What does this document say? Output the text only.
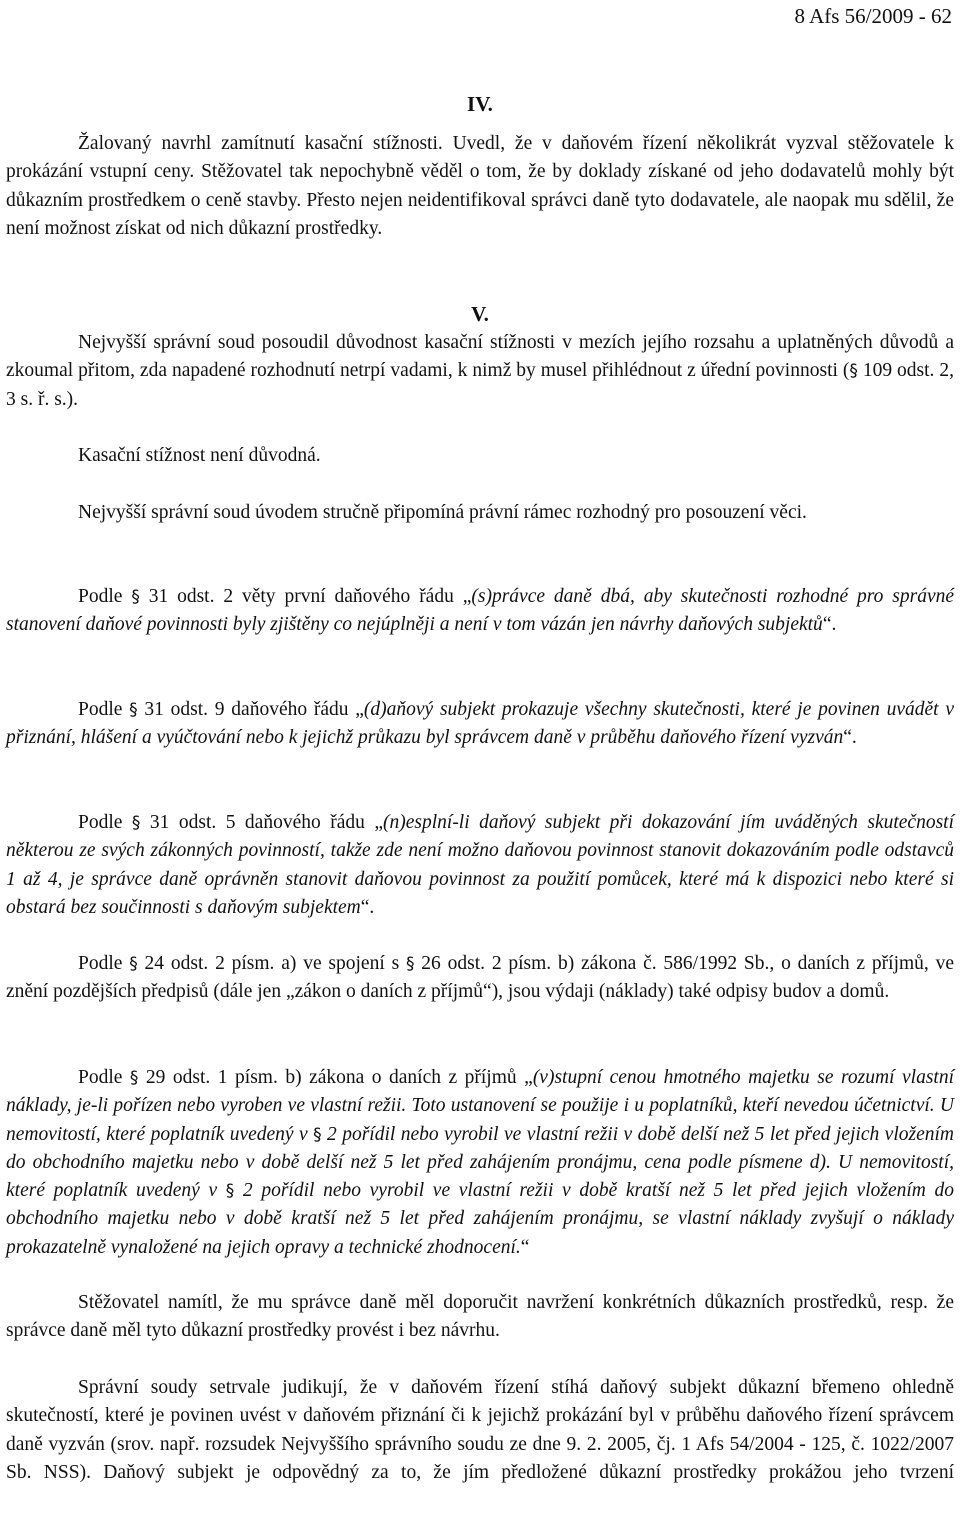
8 Afs 56/2009 - 62
IV.

Žalovaný navrhl zamítnutí kasační stížnosti. Uvedl, že v daňovém řízení několikrát vyzval stěžovatele k prokázání vstupní ceny. Stěžovatel tak nepochybně věděl o tom, že by doklady získané od jeho dodavatelů mohly být důkazním prostředkem o ceně stavby. Přesto nejen neidentifikoval správci daně tyto dodavatele, ale naopak mu sdělil, že není možnost získat od nich důkazní prostředky.

V.

Nejvyšší správní soud posoudil důvodnost kasační stížnosti v mezích jejího rozsahu a uplatněných důvodů a zkoumal přitom, zda napadené rozhodnutí netrpí vadami, k nimž by musel přihlédnout z úřední povinnosti (§ 109 odst. 2, 3 s. ř. s.).

Kasační stížnost není důvodná.

Nejvyšší správní soud úvodem stručně připomíná právní rámec rozhodný pro posouzení věci.

Podle § 31 odst. 2 věty první daňového řádu „(s)právce daně dbá, aby skutečnosti rozhodné pro správné stanovení daňové povinnosti byly zjištěny co nejúplněji a není v tom vázán jen návrhy daňových subjektů“.

Podle § 31 odst. 9 daňového řádu „(d)aňový subjekt prokazuje všechny skutečnosti, které je povinen uvádět v přiznání, hlášení a vyúčtování nebo k jejichž průkazu byl správcem daně v průběhu daňového řízení vyzván“.

Podle § 31 odst. 5 daňového řádu „(n)esplní-li daňový subjekt při dokazování jím uváděných skutečností některou ze svých zákonných povinností, takže zde není možno daňovou povinnost stanovit dokazováním podle odstavců 1 až 4, je správce daně oprávněn stanovit daňovou povinnost za použití pomůcek, které má k dispozici nebo které si obstará bez součinnosti s daňovým subjektem“.

Podle § 24 odst. 2 písm. a) ve spojení s § 26 odst. 2 písm. b) zákona č. 586/1992 Sb., o daních z příjmů, ve znění pozdějších předpisů (dále jen „zákon o daních z příjmů“), jsou výdaji (náklady) také odpisy budov a domů.

Podle § 29 odst. 1 písm. b) zákona o daních z příjmů „(v)stupní cenou hmotného majetku se rozumí vlastní náklady, je-li pořízen nebo vyroben ve vlastní režii. Toto ustanovení se použije i u poplatníků, kteří nevedou účetnictví. U nemovitostí, které poplatník uvedený v § 2 pořídil nebo vyrobil ve vlastní režii v době delší než 5 let před jejich vložením do obchodního majetku nebo v době delší než 5 let před zahájením pronájmu, cena podle písmene d). U nemovitostí, které poplatník uvedený v § 2 pořídil nebo vyrobil ve vlastní režii v době kratší než 5 let před jejich vložením do obchodního majetku nebo v době kratší než 5 let před zahájením pronájmu, se vlastní náklady zvyšují o náklady prokazatelně vynaložené na jejich opravy a technické zhodnocení.“

Stěžovatel namítl, že mu správce daně měl doporučit navržení konkrétních důkazních prostředků, resp. že správce daně měl tyto důkazní prostředky provést i bez návrhu.

Správní soudy setrvale judikují, že v daňovém řízení stíhá daňový subjekt důkazní břemeno ohledně skutečností, které je povinen uvést v daňovém přiznání či k jejichž prokázání byl v průběhu daňového řízení správcem daně vyzván (srov. např. rozsudek Nejvyššího správního soudu ze dne 9. 2. 2005, čj. 1 Afs 54/2004 - 125, č. 1022/2007 Sb. NSS). Daňový subjekt je odpovědný za to, že jím předložené důkazní prostředky prokážou jeho tvrzení
